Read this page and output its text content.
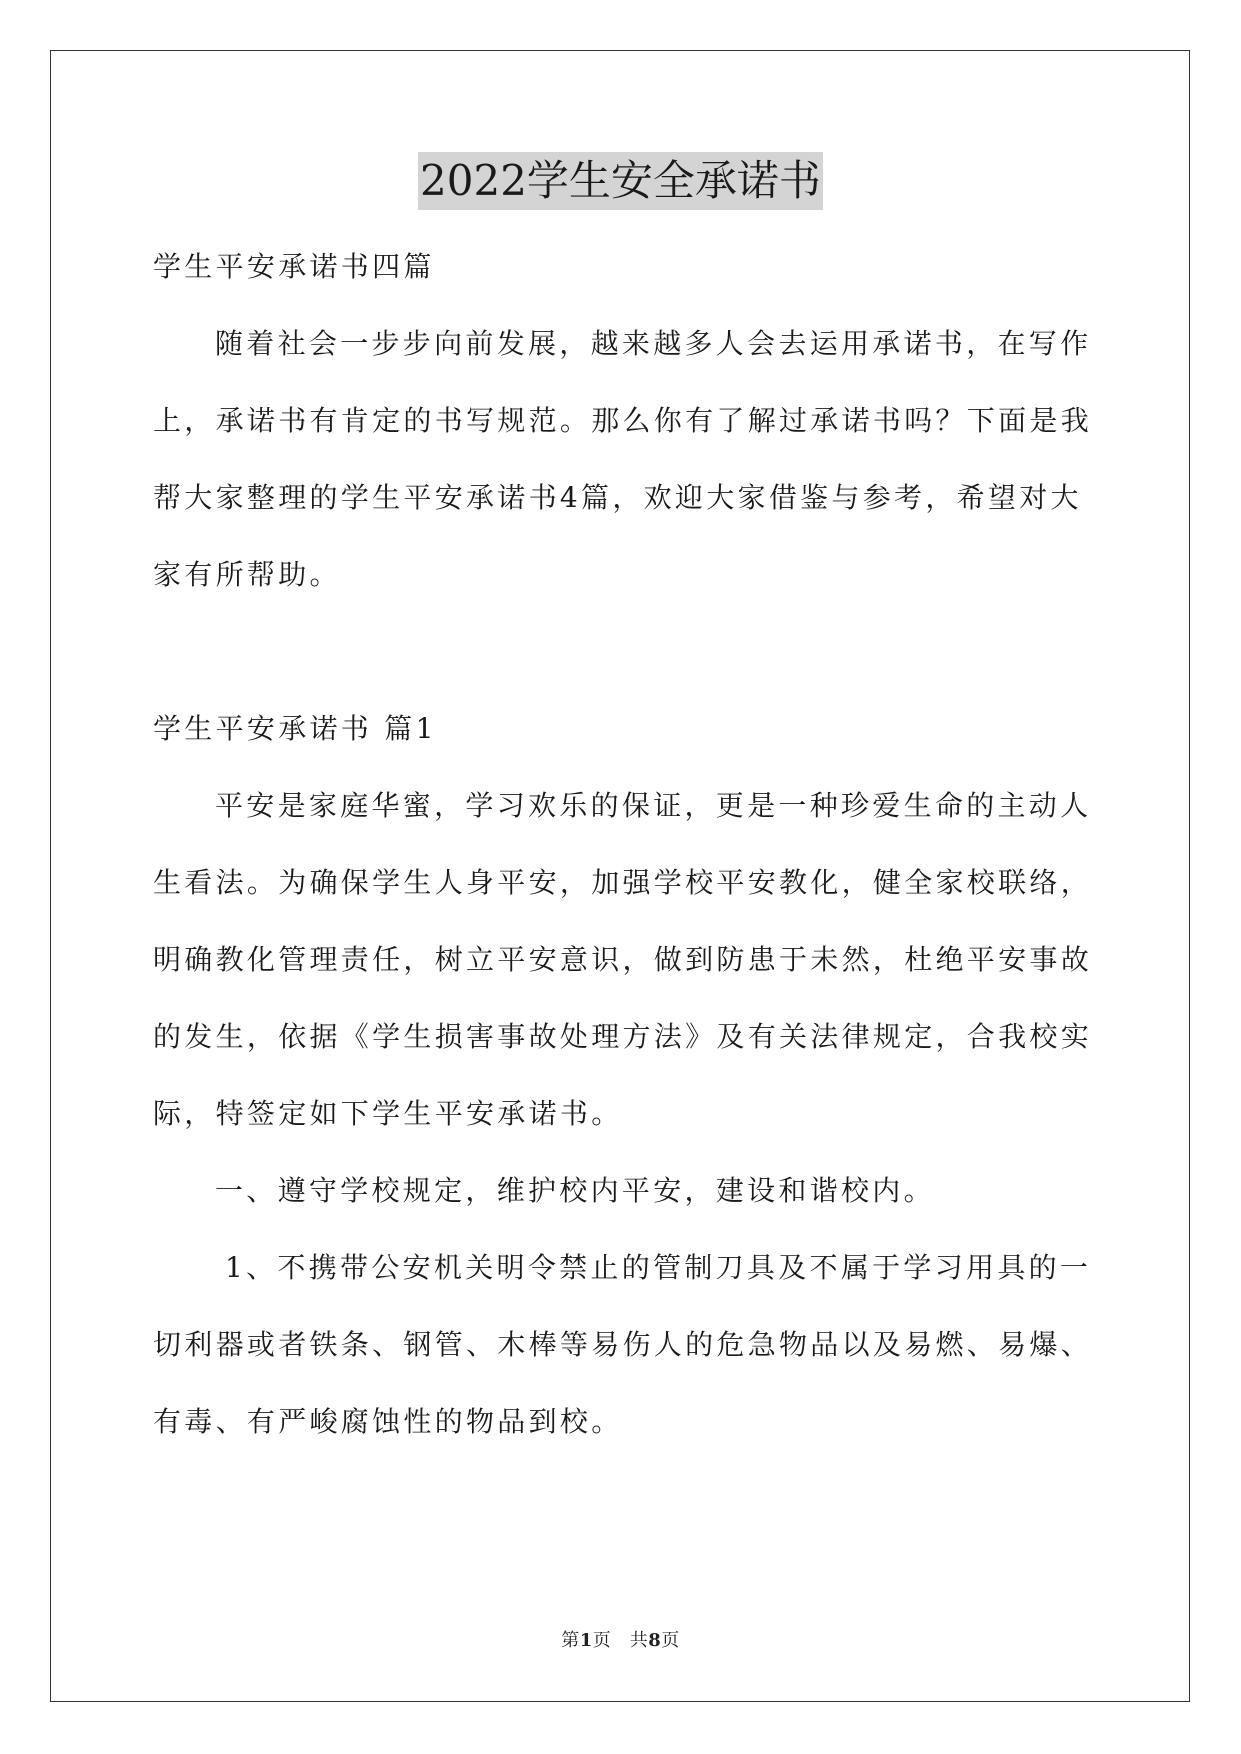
2022学生安全承诺书
学生平安承诺书四篇
随着社会一步步向前发展，越来越多人会去运用承诺书，在写作
上，承诺书有肯定的书写规范。那么你有了解过承诺书吗？下面是我
帮大家整理的学生平安承诺书4篇，欢迎大家借鉴与参考，希望对大
家有所帮助。
学生平安承诺书 篇1
平安是家庭华蜜，学习欢乐的保证，更是一种珍爱生命的主动人
生看法。为确保学生人身平安，加强学校平安教化，健全家校联络，
明确教化管理责任，树立平安意识，做到防患于未然，杜绝平安事故
的发生，依据《学生损害事故处理方法》及有关法律规定，合我校实
际，特签定如下学生平安承诺书。
一、遵守学校规定，维护校内平安，建设和谐校内。
1、不携带公安机关明令禁止的管制刀具及不属于学习用具的一
切利器或者铁条、钢管、木棒等易伤人的危急物品以及易燃、易爆、
有毒、有严峻腐蚀性的物品到校。
第1页　共8页
